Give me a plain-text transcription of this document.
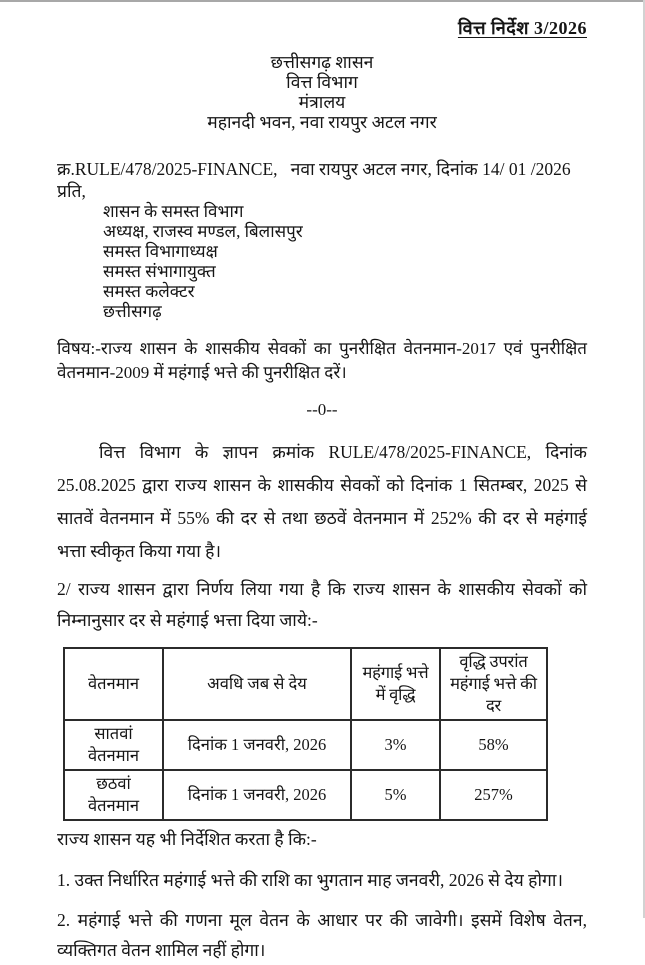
वित्त निर्देश 3/2026
छत्तीसगढ़ शासन
वित्त विभाग
मंत्रालय
महानदी भवन, नवा रायपुर अटल नगर
क्र.RULE/478/2025-FINANCE,   नवा रायपुर अटल नगर, दिनांक 14/ 01 /2026
प्रति,
शासन के समस्त विभाग
अध्यक्ष, राजस्व मण्डल, बिलासपुर
समस्त विभागाध्यक्ष
समस्त संभागायुक्त
समस्त कलेक्टर
छत्तीसगढ़

विषय:-राज्य शासन के शासकीय सेवकों का पुनरीक्षित वेतनमान-2017 एवं पुनरीक्षित वेतनमान-2009 में महंगाई भत्ते की पुनरीक्षित दरें।

--0--

वित्त विभाग के ज्ञापन क्रमांक RULE/478/2025-FINANCE, दिनांक 25.08.2025 द्वारा राज्य शासन के शासकीय सेवकों को दिनांक 1 सितम्बर, 2025 से सातवें वेतनमान में 55% की दर से तथा छठवें वेतनमान में 252% की दर से महंगाई भत्ता स्वीकृत किया गया है।

2/ राज्य शासन द्वारा निर्णय लिया गया है कि राज्य शासन के शासकीय सेवकों को निम्नानुसार दर से महंगाई भत्ता दिया जाये:-

वेतनमान	अवधि जब से देय	महंगाई भत्ते में वृद्धि	वृद्धि उपरांत महंगाई भत्ते की दर
सातवां वेतनमान	दिनांक 1 जनवरी, 2026	3%	58%
छठवां वेतनमान	दिनांक 1 जनवरी, 2026	5%	257%

राज्य शासन यह भी निर्देशित करता है कि:-

1. उक्त निर्धारित महंगाई भत्ते की राशि का भुगतान माह जनवरी, 2026 से देय होगा।

2. महंगाई भत्ते की गणना मूल वेतन के आधार पर की जावेगी। इसमें विशेष वेतन, व्यक्तिगत वेतन शामिल नहीं होगा।
